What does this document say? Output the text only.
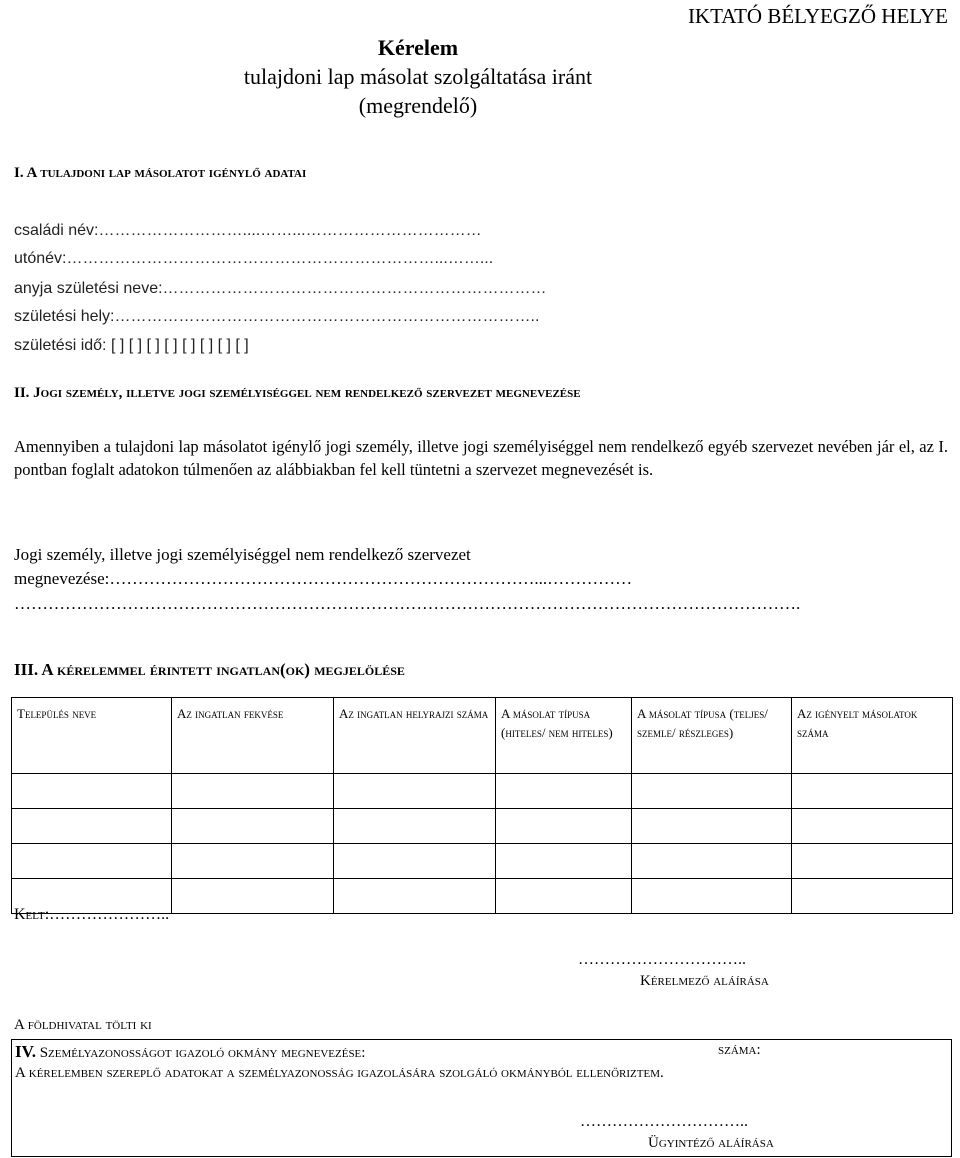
IKTATÓ BÉLYEGZŐ HELYE
Kérelem
tulajdoni lap másolat szolgáltatása iránt
(megrendelő)
I. A tulajdoni lap másolatot igénylő adatai
családi név:………………………....……...……………………………
utónév:……………………………………………………………...……...
anyja születési neve:………………………………………………………………
születési hely:……………………………………………………………………..
születési idő: [ ] [ ] [ ] [ ] [ ] [ ] [ ] [ ]
II. Jogi személy, illetve jogi személyiséggel nem rendelkező szervezet megnevezése
Amennyiben a tulajdoni lap másolatot igénylő jogi személy, illetve jogi személyiséggel nem rendelkező egyéb szervezet nevében jár el, az I. pontban foglalt adatokon túlmenően az alábbiakban fel kell tüntetni a szervezet megnevezését is.
Jogi személy, illetve jogi személyiséggel nem rendelkező szervezet megnevezése:…………………………………………………………………...……………
………………………………………………………………………………………………………………………….
III. A kérelemmel érintett ingatlan(ok) megjelölése
Település neve	Az ingatlan fekvése	Az ingatlan helyrajzi száma	A másolat típusa (hiteles/ nem hiteles)	A másolat típusa (teljes/ szemle/ részleges)	Az igényelt másolatok száma

Kelt:…………………..
…………………………..
Kérelmező aláírása
A földhivatal tölti ki
IV. Személyazonosságot igazoló okmány megnevezése:	száma:
A kérelemben szereplő adatokat a személyazonosság igazolására szolgáló okmányból ellenőriztem.
…………………………..
Ügyintéző aláírása
